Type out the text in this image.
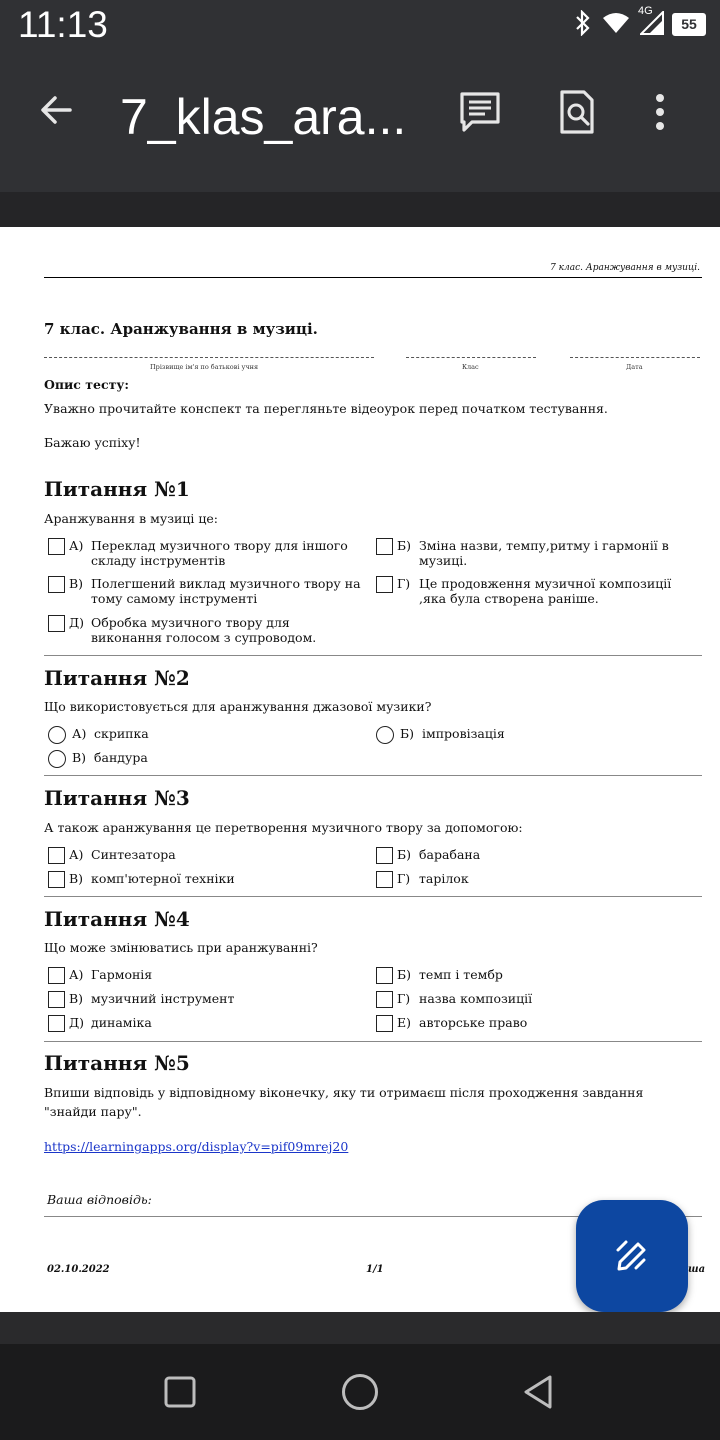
11:13	4G
55
7_klas_ara...
7 клас. Аранжування в музиці.
7 клас. Аранжування в музиці.
Прізвище ім'я по батькові учня	Клас	Дата
Опис тесту:
Уважно прочитайте конспект та перегляньте відеоурок перед початком тестування.
Бажаю успіху!
Питання №1
Аранжування в музиці це:
А) Переклад музичного твору для іншого складу інструментів
Б) Зміна назви, темпу,ритму і гармонії в музиці.
В) Полегшений виклад музичного твору на тому самому інструменті
Г) Це продовження музичної композиції ,яка була створена раніше.
Д) Обробка музичного твору для виконання голосом з супроводом.
Питання №2
Що використовується для аранжування джазової музики?
А) скрипка	Б) імпровізація
В) бандура
Питання №3
А також аранжування це перетворення музичного твору за допомогою:
А) Синтезатора	Б) барабана
В) комп'ютерної техніки	Г) тарілок
Питання №4
Що може змінюватись при аранжуванні?
А) Гармонія	Б) темп і тембр
В) музичний інструмент	Г) назва композиції
Д) динаміка	Е) авторське право
Питання №5
Впиши відповідь у відповідному віконечку, яку ти отримаєш після проходження завдання
"знайди пару".
https://learningapps.org/display?v=pif09mrej20
Ваша відповідь:
02.10.2022	1/1	ша
